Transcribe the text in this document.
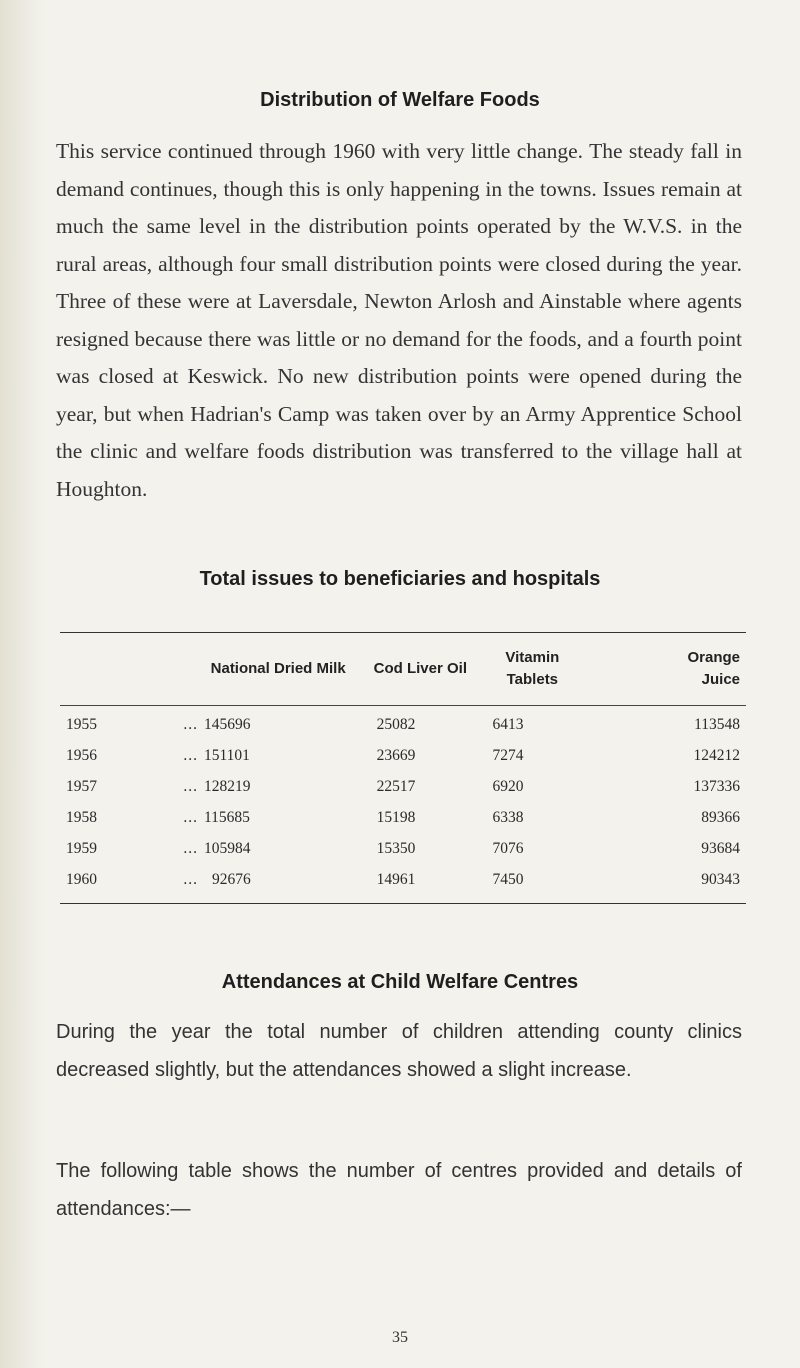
Distribution of Welfare Foods

This service continued through 1960 with very little change. The steady fall in demand continues, though this is only happening in the towns. Issues remain at much the same level in the distribution points operated by the W.V.S. in the rural areas, although four small distribution points were closed during the year. Three of these were at Laversdale, Newton Arlosh and Ainstable where agents resigned because there was little or no demand for the foods, and a fourth point was closed at Keswick. No new distribution points were opened during the year, but when Hadrian's Camp was taken over by an Army Apprentice School the clinic and welfare foods distribution was transferred to the village hall at Houghton.

Total issues to beneficiaries and hospitals
	National Dried Milk	Cod Liver Oil	Vitamin Tablets	Orange Juice
1955	...	145696	25082	6413	113548
1956	...	151101	23669	7274	124212
1957	...	128219	22517	6920	137336
1958	...	115685	15198	6338	89366
1959	...	105984	15350	7076	93684
1960	...	92676	14961	7450	90343
Attendances at Child Welfare Centres

During the year the total number of children attending county clinics decreased slightly, but the attendances showed a slight increase.

The following table shows the number of centres provided and details of attendances:—

35
